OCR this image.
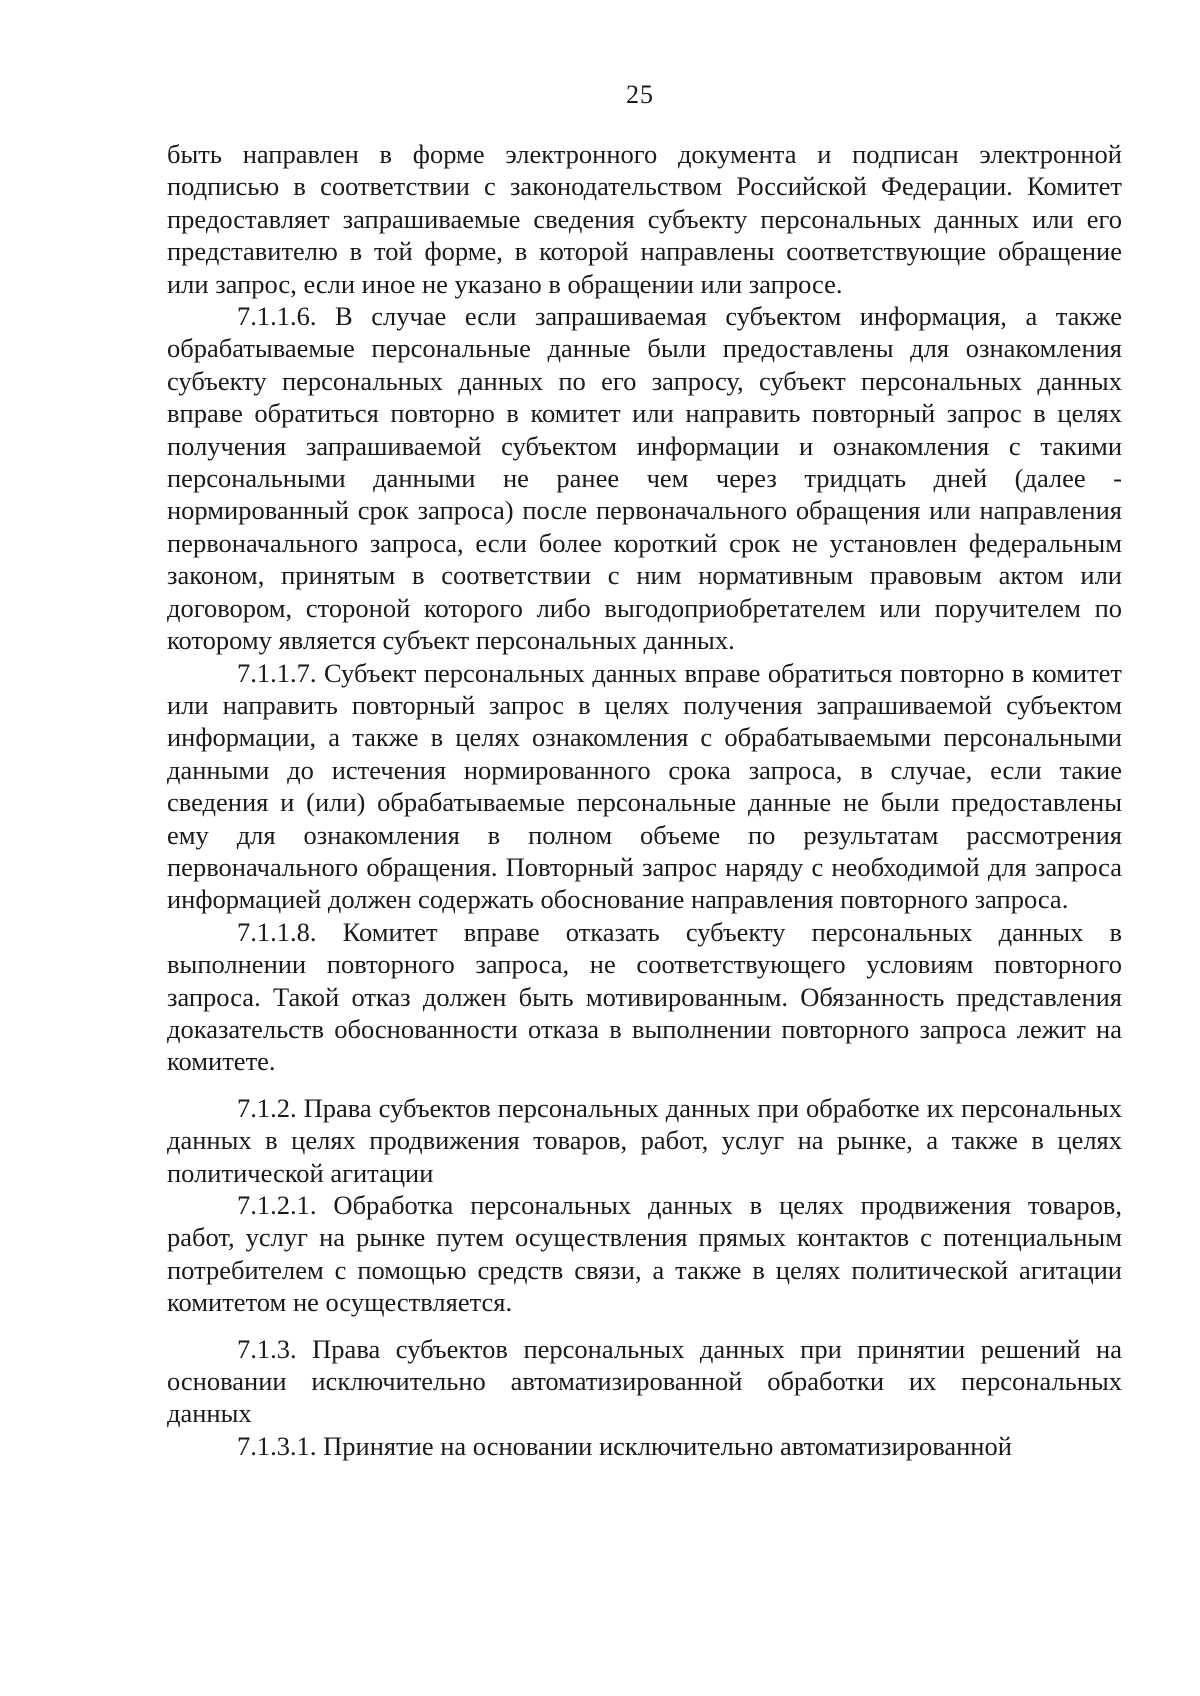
25

быть направлен в форме электронного документа и подписан электронной подписью в соответствии с законодательством Российской Федерации. Комитет предоставляет запрашиваемые сведения субъекту персональных данных или его представителю в той форме, в которой направлены соответствующие обращение или запрос, если иное не указано в обращении или запросе.

7.1.1.6. В случае если запрашиваемая субъектом информация, а также обрабатываемые персональные данные были предоставлены для ознакомления субъекту персональных данных по его запросу, субъект персональных данных вправе обратиться повторно в комитет или направить повторный запрос в целях получения запрашиваемой субъектом информации и ознакомления с такими персональными данными не ранее чем через тридцать дней (далее - нормированный срок запроса) после первоначального обращения или направления первоначального запроса, если более короткий срок не установлен федеральным законом, принятым в соответствии с ним нормативным правовым актом или договором, стороной которого либо выгодоприобретателем или поручителем по которому является субъект персональных данных.

7.1.1.7. Субъект персональных данных вправе обратиться повторно в комитет или направить повторный запрос в целях получения запрашиваемой субъектом информации, а также в целях ознакомления с обрабатываемыми персональными данными до истечения нормированного срока запроса, в случае, если такие сведения и (или) обрабатываемые персональные данные не были предоставлены ему для ознакомления в полном объеме по результатам рассмотрения первоначального обращения. Повторный запрос наряду с необходимой для запроса информацией должен содержать обоснование направления повторного запроса.

7.1.1.8. Комитет вправе отказать субъекту персональных данных в выполнении повторного запроса, не соответствующего условиям повторного запроса. Такой отказ должен быть мотивированным. Обязанность представления доказательств обоснованности отказа в выполнении повторного запроса лежит на комитете.

7.1.2. Права субъектов персональных данных при обработке их персональных данных в целях продвижения товаров, работ, услуг на рынке, а также в целях политической агитации

7.1.2.1. Обработка персональных данных в целях продвижения товаров, работ, услуг на рынке путем осуществления прямых контактов с потенциальным потребителем с помощью средств связи, а также в целях политической агитации комитетом не осуществляется.

7.1.3. Права субъектов персональных данных при принятии решений на основании исключительно автоматизированной обработки их персональных данных

7.1.3.1. Принятие на основании исключительно автоматизированной
